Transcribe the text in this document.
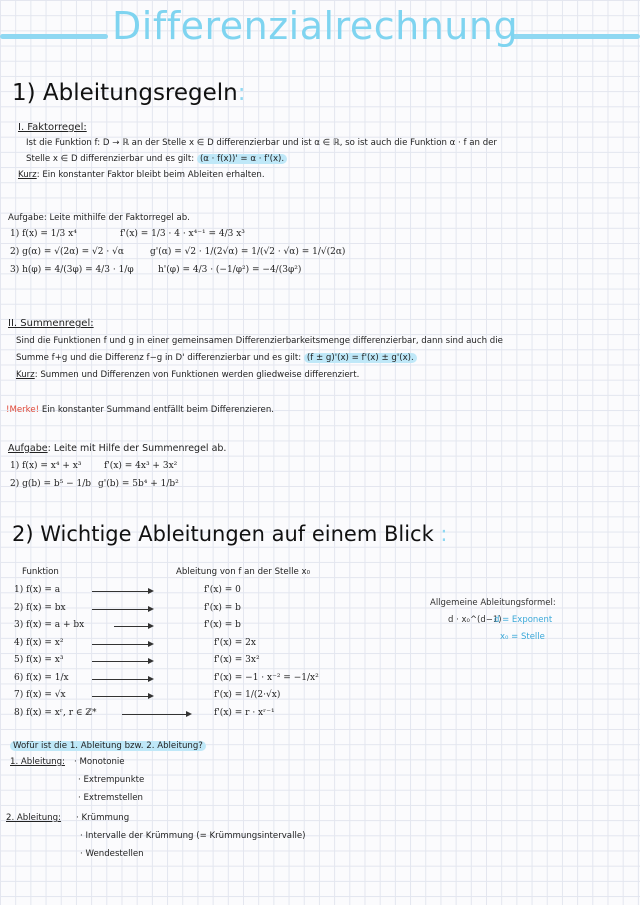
Differenzialrechnung
1) Ableitungsregeln:
I. Faktorregel:
Ist die Funktion f: D → ℝ an der Stelle x ∈ D differenzierbar und ist α ∈ ℝ, so ist auch die Funktion α · f an der
Stelle x ∈ D differenzierbar und es gilt: (α · f(x))' = α · f'(x).
Kurz: Ein konstanter Faktor bleibt beim Ableiten erhalten.
Aufgabe: Leite mithilfe der Faktorregel ab.
1) f(x) = 1/3 x⁴	f'(x) = 1/3 · 4 · x⁴⁻¹ = 4/3 x³
2) g(α) = √(2α) = √2 · √α	g'(α) = √2 · 1/(2√α) = 1/(√2 · √α) = 1/√(2α)
3) h(φ) = 4/(3φ) = 4/3 · 1/φ	h'(φ) = 4/3 · (−1/φ²) = −4/(3φ²)
II. Summenregel:
Sind die Funktionen f und g in einer gemeinsamen Differenzierbarkeitsmenge differenzierbar, dann sind auch die
Summe f+g und die Differenz f−g in D' differenzierbar und es gilt: (f ± g)'(x) = f'(x) ± g'(x).
Kurz: Summen und Differenzen von Funktionen werden gliedweise differenziert.
!Merke! Ein konstanter Summand entfällt beim Differenzieren.
Aufgabe: Leite mit Hilfe der Summenregel ab.
1) f(x) = x⁴ + x³	f'(x) = 4x³ + 3x²
2) g(b) = b⁵ − 1/b g'(b) = 5b⁴ + 1/b²
2) Wichtige Ableitungen auf einem Blick :
Funktion	Ableitung von f an der Stelle x₀
1) f(x) = a	f'(x) = 0
2) f(x) = bx	f'(x) = b
3) f(x) = a + bx	f'(x) = b
4) f(x) = x²	f'(x) = 2x
5) f(x) = x³	f'(x) = 3x²
6) f(x) = 1/x	f'(x) = −1 · x⁻² = −1/x²
7) f(x) = √x	f'(x) = 1/(2·√x)
8) f(x) = xʳ, r ∈ ℤ*	f'(x) = r · xʳ⁻¹
Allgemeine Ableitungsformel:
d · x₀^(d−1)
d = Exponent
x₀ = Stelle
Wofür ist die 1. Ableitung bzw. 2. Ableitung?
1. Ableitung: · Monotonie
· Extrempunkte
· Extremstellen
2. Ableitung: · Krümmung
· Intervalle der Krümmung (= Krümmungsintervalle)
· Wendestellen
